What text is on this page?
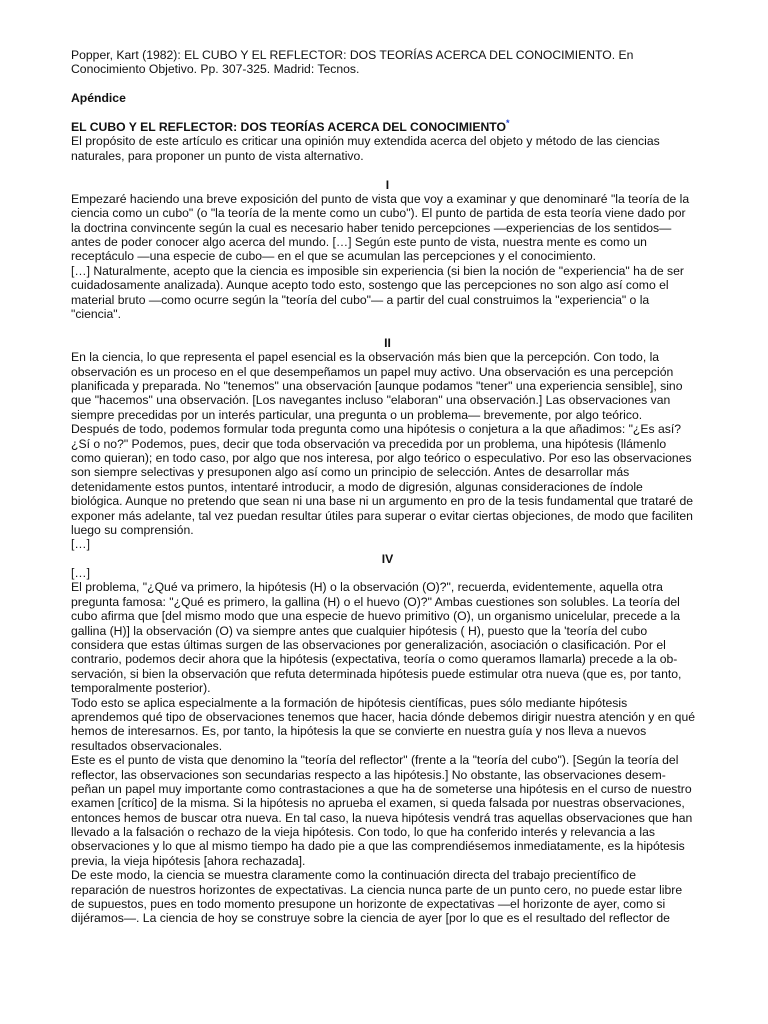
Popper, Kart (1982): EL CUBO Y EL REFLECTOR: DOS TEORÍAS ACERCA DEL CONOCIMIENTO. En
Conocimiento Objetivo. Pp. 307-325. Madrid: Tecnos.
Apéndice
EL CUBO Y EL REFLECTOR: DOS TEORÍAS ACERCA DEL CONOCIMIENTO*
El propósito de este artículo es criticar una opinión muy extendida acerca del objeto y método de las ciencias
naturales, para proponer un punto de vista alternativo.
I
Empezaré haciendo una breve exposición del punto de vista que voy a examinar y que denominaré "la teoría de la
ciencia como un cubo" (o "la teoría de la mente como un cubo"). El punto de partida de esta teoría viene dado por
la doctrina convincente según la cual es necesario haber tenido percepciones —experiencias de los sentidos—
antes de poder conocer algo acerca del mundo. […] Según este punto de vista, nuestra mente es como un
receptáculo —una especie de cubo— en el que se acumulan las percepciones y el conocimiento.
[…] Naturalmente, acepto que la ciencia es imposible sin experiencia (si bien la noción de "experiencia" ha de ser
cuidadosamente analizada). Aunque acepto todo esto, sostengo que las percepciones no son algo así como el
material bruto —como ocurre según la "teoría del cubo"— a partir del cual construimos la "experiencia" o la
"ciencia".
II
En la ciencia, lo que representa el papel esencial es la observación más bien que la percepción. Con todo, la
observación es un proceso en el que desempeñamos un papel muy activo. Una observación es una percepción
planificada y preparada. No "tenemos" una observación [aunque podamos "tener" una experiencia sensible], sino
que "hacemos" una observación. [Los navegantes incluso "elaboran" una observación.] Las observaciones van
siempre precedidas por un interés particular, una pregunta o un problema— brevemente, por algo teórico.
Después de todo, podemos formular toda pregunta como una hipótesis o conjetura a la que añadimos: "¿Es así?
¿Sí o no?" Podemos, pues, decir que toda observación va precedida por un problema, una hipótesis (llámenlo
como quieran); en todo caso, por algo que nos interesa, por algo teórico o especulativo. Por eso las observaciones
son siempre selectivas y presuponen algo así como un principio de selección. Antes de desarrollar más
detenidamente estos puntos, intentaré introducir, a modo de digresión, algunas consideraciones de índole
biológica. Aunque no pretendo que sean ni una base ni un argumento en pro de la tesis fundamental que trataré de
exponer más adelante, tal vez puedan resultar útiles para superar o evitar ciertas objeciones, de modo que faciliten
luego su comprensión.
[…]
IV
[…]
El problema, "¿Qué va primero, la hipótesis (H) o la observación (O)?", recuerda, evidentemente, aquella otra
pregunta famosa: "¿Qué es primero, la gallina (H) o el huevo (O)?" Ambas cuestiones son solubles. La teoría del
cubo afirma que [del mismo modo que una especie de huevo primitivo (O), un organismo unicelular, precede a la
gallina (H)] la observación (O) va siempre antes que cualquier hipótesis ( H), puesto que la 'teoría del cubo
considera que estas últimas surgen de las observaciones por generalización, asociación o clasificación. Por el
contrario, podemos decir ahora que la hipótesis (expectativa, teoría o como queramos llamarla) precede a la ob-
servación, si bien la observación que refuta determinada hipótesis puede estimular otra nueva (que es, por tanto,
temporalmente posterior).
Todo esto se aplica especialmente a la formación de hipótesis científicas, pues sólo mediante hipótesis
aprendemos qué tipo de observaciones tenemos que hacer, hacia dónde debemos dirigir nuestra atención y en qué
hemos de interesarnos. Es, por tanto, la hipótesis la que se convierte en nuestra guía y nos lleva a nuevos
resultados observacionales.
Este es el punto de vista que denomino la "teoría del reflector" (frente a la "teoría del cubo"). [Según la teoría del
reflector, las observaciones son secundarias respecto a las hipótesis.] No obstante, las observaciones desem-
peñan un papel muy importante como contrastaciones a que ha de someterse una hipótesis en el curso de nuestro
examen [crítico] de la misma. Si la hipótesis no aprueba el examen, si queda falsada por nuestras observaciones,
entonces hemos de buscar otra nueva. En tal caso, la nueva hipótesis vendrá tras aquellas observaciones que han
llevado a la falsación o rechazo de la vieja hipótesis. Con todo, lo que ha conferido interés y relevancia a las
observaciones y lo que al mismo tiempo ha dado pie a que las comprendiésemos inmediatamente, es la hipótesis
previa, la vieja hipótesis [ahora rechazada].
De este modo, la ciencia se muestra claramente como la continuación directa del trabajo precientífico de
reparación de nuestros horizontes de expectativas. La ciencia nunca parte de un punto cero, no puede estar libre
de supuestos, pues en todo momento presupone un horizonte de expectativas —el horizonte de ayer, como si
dijéramos—. La ciencia de hoy se construye sobre la ciencia de ayer [por lo que es el resultado del reflector de
